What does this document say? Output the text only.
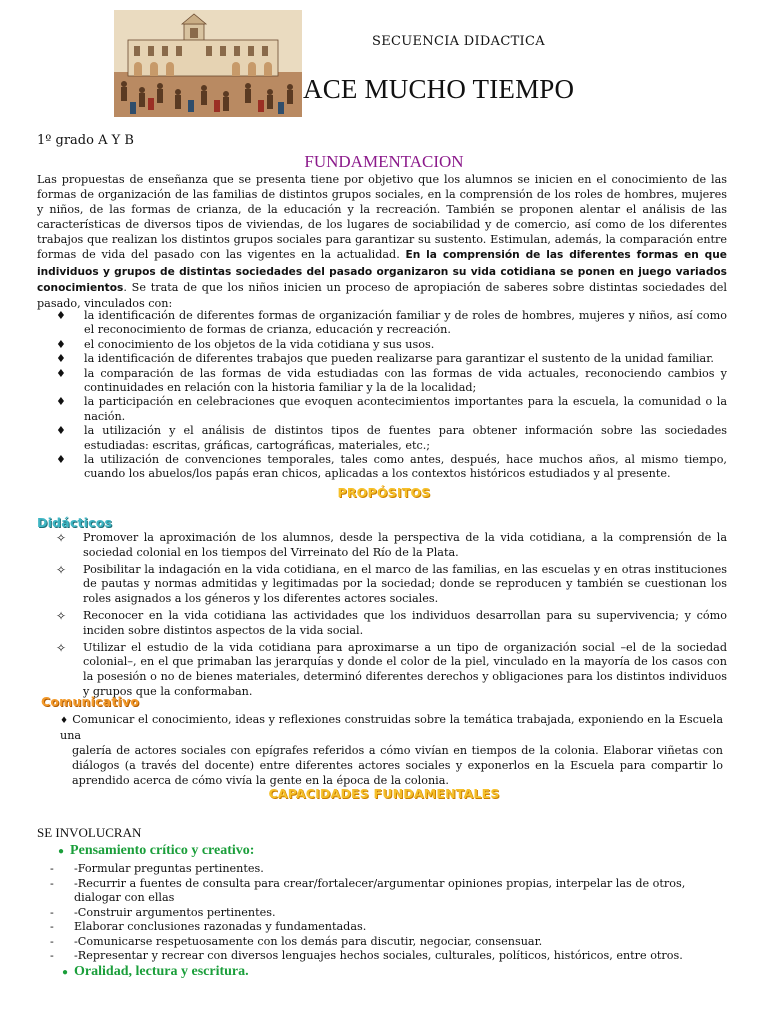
SECUENCIA DIDACTICA
ACE MUCHO TIEMPO
1º grado A Y B
FUNDAMENTACION
Las propuestas de enseñanza que se presenta tiene por objetivo que los alumnos se inicien en el conocimiento de las formas de organización de las familias de distintos grupos sociales, en la comprensión de los roles de hombres, mujeres y niños, de las formas de crianza, de la educación y la recreación. También se proponen alentar el análisis de las características de diversos tipos de viviendas, de los lugares de sociabilidad y de comercio, así como de los diferentes trabajos que realizan los distintos grupos sociales para garantizar su sustento. Estimulan, además, la comparación entre formas de vida del pasado con las vigentes en la actualidad. En la comprensión de las diferentes formas en que individuos y grupos de distintas sociedades del pasado organizaron su vida cotidiana se ponen en juego variados conocimientos. Se trata de que los niños inicien un proceso de apropiación de saberes sobre distintas sociedades del pasado, vinculados con:
♦ la identificación de diferentes formas de organización familiar y de roles de hombres, mujeres y niños, así como el reconocimiento de formas de crianza, educación y recreación.
♦ el conocimiento de los objetos de la vida cotidiana y sus usos.
♦ la identificación de diferentes trabajos que pueden realizarse para garantizar el sustento de la unidad familiar.
♦ la comparación de las formas de vida estudiadas con las formas de vida actuales, reconociendo cambios y continuidades en relación con la historia familiar y la de la localidad;
♦ la participación en celebraciones que evoquen acontecimientos importantes para la escuela, la comunidad o la nación.
♦ la utilización y el análisis de distintos tipos de fuentes para obtener información sobre las sociedades estudiadas: escritas, gráficas, cartográficas, materiales, etc.;
♦ la utilización de convenciones temporales, tales como antes, después, hace muchos años, al mismo tiempo, cuando los abuelos/los papás eran chicos, aplicadas a los contextos históricos estudiados y al presente.
PROPÓSITOS
Didácticos
✧ Promover la aproximación de los alumnos, desde la perspectiva de la vida cotidiana, a la comprensión de la sociedad colonial en los tiempos del Virreinato del Río de la Plata.
✧ Posibilitar la indagación en la vida cotidiana, en el marco de las familias, en las escuelas y en otras instituciones de pautas y normas admitidas y legitimadas por la sociedad; donde se reproducen y también se cuestionan los roles asignados a los géneros y los diferentes actores sociales.
✧ Reconocer en la vida cotidiana las actividades que los individuos desarrollan para su supervivencia; y cómo inciden sobre distintos aspectos de la vida social.
✧ Utilizar el estudio de la vida cotidiana para aproximarse a un tipo de organización social –el de la sociedad colonial–, en el que primaban las jerarquías y donde el color de la piel, vinculado en la mayoría de los casos con la posesión o no de bienes materiales, determinó diferentes derechos y obligaciones para los distintos individuos y grupos que la conformaban.
Comunicativo
♦ Comunicar el conocimiento, ideas y reflexiones construidas sobre la temática trabajada, exponiendo en la Escuela una
galería de actores sociales con epígrafes referidos a cómo vivían en tiempos de la colonia. Elaborar viñetas con diálogos (a través del docente) entre diferentes actores sociales y exponerlos en la Escuela para compartir lo aprendido acerca de cómo vivía la gente en la época de la colonia.
CAPACIDADES FUNDAMENTALES
SE INVOLUCRAN
● Pensamiento crítico y creativo:
- -Formular preguntas pertinentes.
- -Recurrir a fuentes de consulta para crear/fortalecer/argumentar opiniones propias, interpelar las de otros, dialogar con ellas
- -Construir argumentos pertinentes.
- Elaborar conclusiones razonadas y fundamentadas.
- -Comunicarse respetuosamente con los demás para discutir, negociar, consensuar.
- -Representar y recrear con diversos lenguajes hechos sociales, culturales, políticos, históricos, entre otros.
● Oralidad, lectura y escritura.
